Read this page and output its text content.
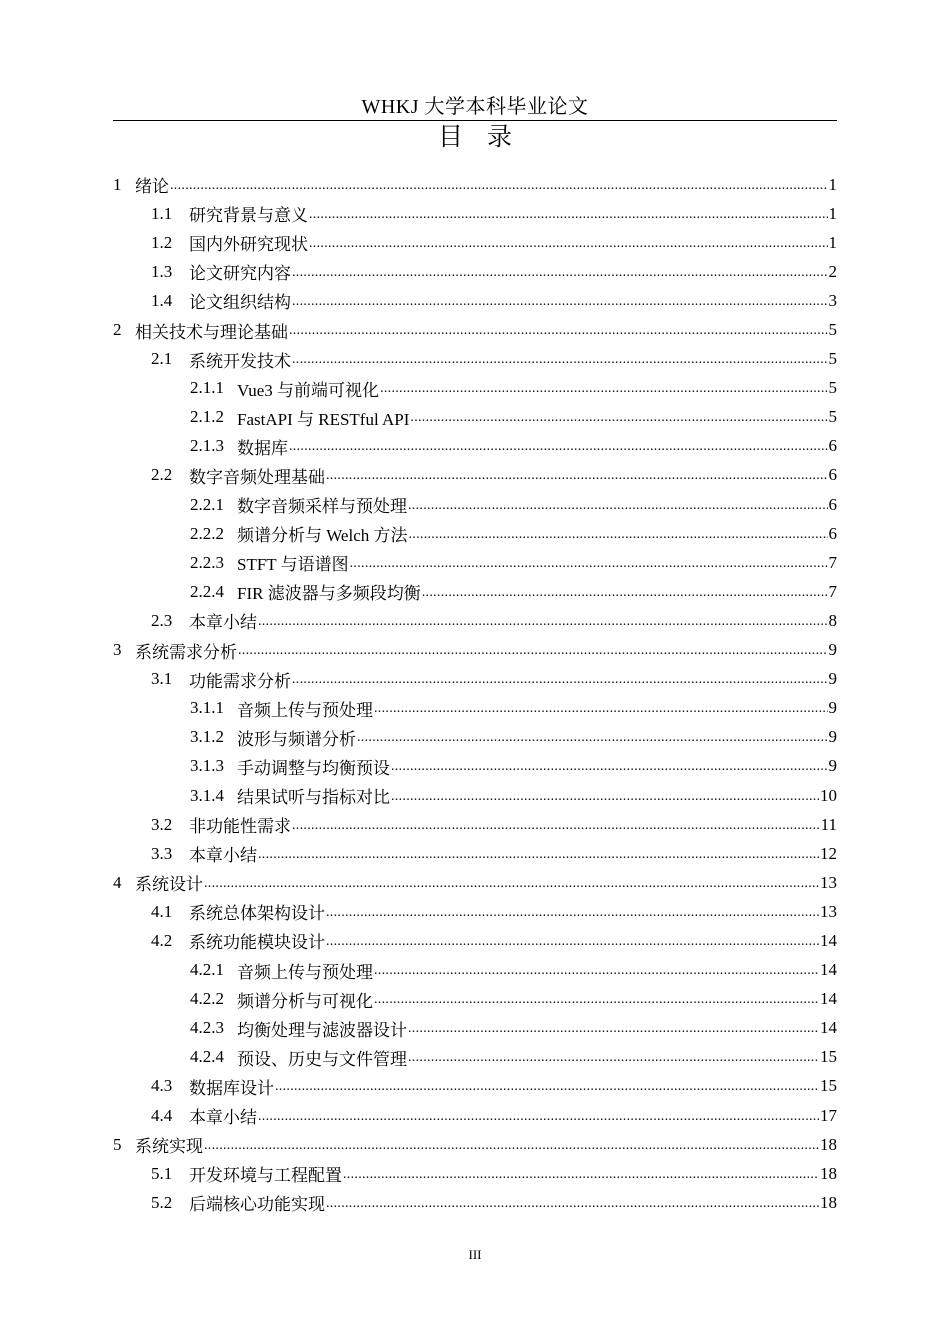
WHKJ 大学本科毕业论文
目录
1 绪论 .....	1
1.1 研究背景与意义 .....	1
1.2 国内外研究现状 .....	1
1.3 论文研究内容 .....	2
1.4 论文组织结构 .....	3
2 相关技术与理论基础 .....	5
2.1 系统开发技术 .....	5
2.1.1 Vue3 与前端可视化 .....	5
2.1.2 FastAPI 与 RESTful API .....	5
2.1.3 数据库 .....	6
2.2 数字音频处理基础 .....	6
2.2.1 数字音频采样与预处理 .....	6
2.2.2 频谱分析与 Welch 方法 .....	6
2.2.3 STFT 与语谱图 .....	7
2.2.4 FIR 滤波器与多频段均衡 .....	7
2.3 本章小结 .....	8
3 系统需求分析 .....	9
3.1 功能需求分析 .....	9
3.1.1 音频上传与预处理 .....	9
3.1.2 波形与频谱分析 .....	9
3.1.3 手动调整与均衡预设 .....	9
3.1.4 结果试听与指标对比 .....	10
3.2 非功能性需求 .....	11
3.3 本章小结 .....	12
4 系统设计 .....	13
4.1 系统总体架构设计 .....	13
4.2 系统功能模块设计 .....	14
4.2.1 音频上传与预处理 .....	14
4.2.2 频谱分析与可视化 .....	14
4.2.3 均衡处理与滤波器设计 .....	14
4.2.4 预设、历史与文件管理 .....	15
4.3 数据库设计 .....	15
4.4 本章小结 .....	17
5 系统实现 .....	18
5.1 开发环境与工程配置 .....	18
5.2 后端核心功能实现 .....	18
III
